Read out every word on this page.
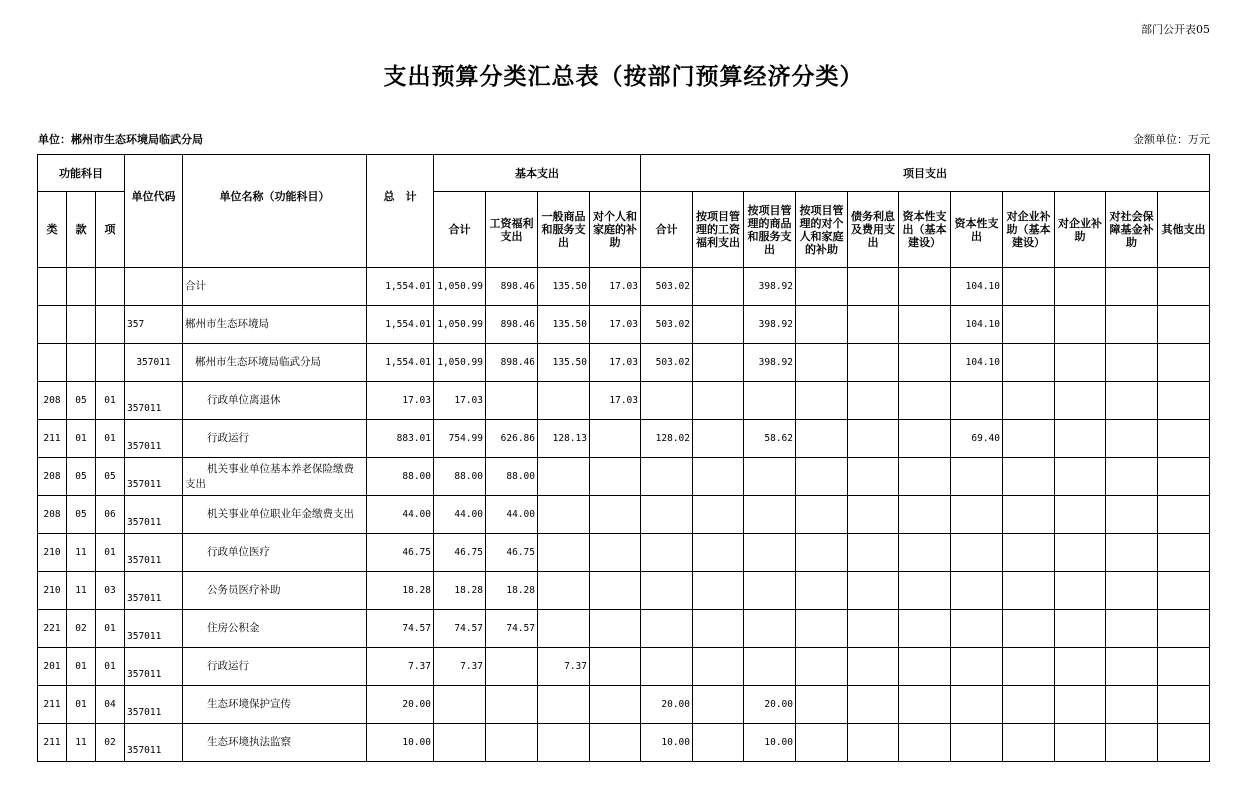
部门公开表05
支出预算分类汇总表（按部门预算经济分类）
单位：郴州市生态环境局临武分局	金额单位：万元
功能科目			单位代码	单位名称（功能科目）	总　计	基本支出				项目支出										
类	款	项				合计	工资福利支出	一般商品和服务支出	对个人和家庭的补助	合计	按项目管理的工资福利支出	按项目管理的商品和服务支出	按项目管理的对个人和家庭的补助	债务利息及费用支出	资本性支出（基本建设）	资本性支出	对企业补助（基本建设）	对企业补助	对社会保障基金补助	其他支出
				合计	1,554.01	1,050.99	898.46	135.50	17.03	503.02		398.92				104.10				
			357	郴州市生态环境局	1,554.01	1,050.99	898.46	135.50	17.03	503.02		398.92				104.10				
			357011	郴州市生态环境局临武分局	1,554.01	1,050.99	898.46	135.50	17.03	503.02		398.92				104.10				
208	05	01	357011	行政单位离退休	17.03	17.03			17.03											
211	01	01	357011	行政运行	883.01	754.99	626.86	128.13		128.02		58.62				69.40				
208	05	05	357011	机关事业单位基本养老保险缴费支出	88.00	88.00	88.00													
208	05	06	357011	机关事业单位职业年金缴费支出	44.00	44.00	44.00													
210	11	01	357011	行政单位医疗	46.75	46.75	46.75													
210	11	03	357011	公务员医疗补助	18.28	18.28	18.28													
221	02	01	357011	住房公积金	74.57	74.57	74.57													
201	01	01	357011	行政运行	7.37	7.37		7.37												
211	01	04	357011	生态环境保护宣传	20.00					20.00		20.00								
211	11	02	357011	生态环境执法监察	10.00					10.00		10.00								
